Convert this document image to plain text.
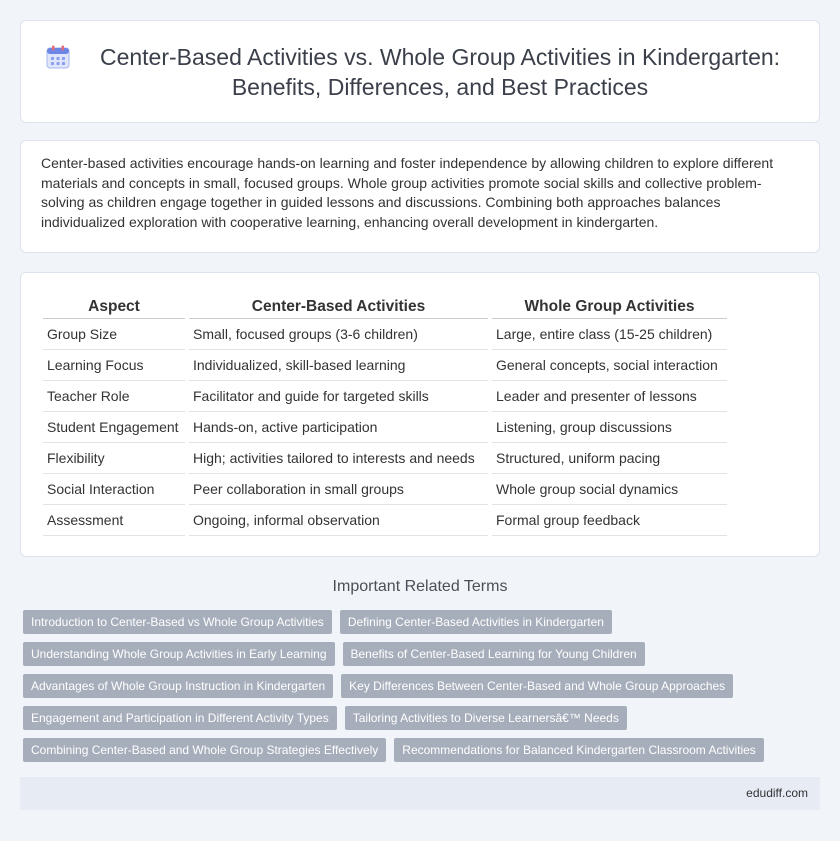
Center-Based Activities vs. Whole Group Activities in Kindergarten: Benefits, Differences, and Best Practices

Center-based activities encourage hands-on learning and foster independence by allowing children to explore different materials and concepts in small, focused groups. Whole group activities promote social skills and collective problem-solving as children engage together in guided lessons and discussions. Combining both approaches balances individualized exploration with cooperative learning, enhancing overall development in kindergarten.

Aspect	Center-Based Activities	Whole Group Activities
Group Size	Small, focused groups (3-6 children)	Large, entire class (15-25 children)
Learning Focus	Individualized, skill-based learning	General concepts, social interaction
Teacher Role	Facilitator and guide for targeted skills	Leader and presenter of lessons
Student Engagement	Hands-on, active participation	Listening, group discussions
Flexibility	High; activities tailored to interests and needs	Structured, uniform pacing
Social Interaction	Peer collaboration in small groups	Whole group social dynamics
Assessment	Ongoing, informal observation	Formal group feedback
Important Related Terms
Introduction to Center-Based vs Whole Group Activities	Defining Center-Based Activities in Kindergarten
Understanding Whole Group Activities in Early Learning	Benefits of Center-Based Learning for Young Children
Advantages of Whole Group Instruction in Kindergarten	Key Differences Between Center-Based and Whole Group Approaches
Engagement and Participation in Different Activity Types	Tailoring Activities to Diverse Learnersâ€™ Needs
Combining Center-Based and Whole Group Strategies Effectively	Recommendations for Balanced Kindergarten Classroom Activities
edudiff.com
